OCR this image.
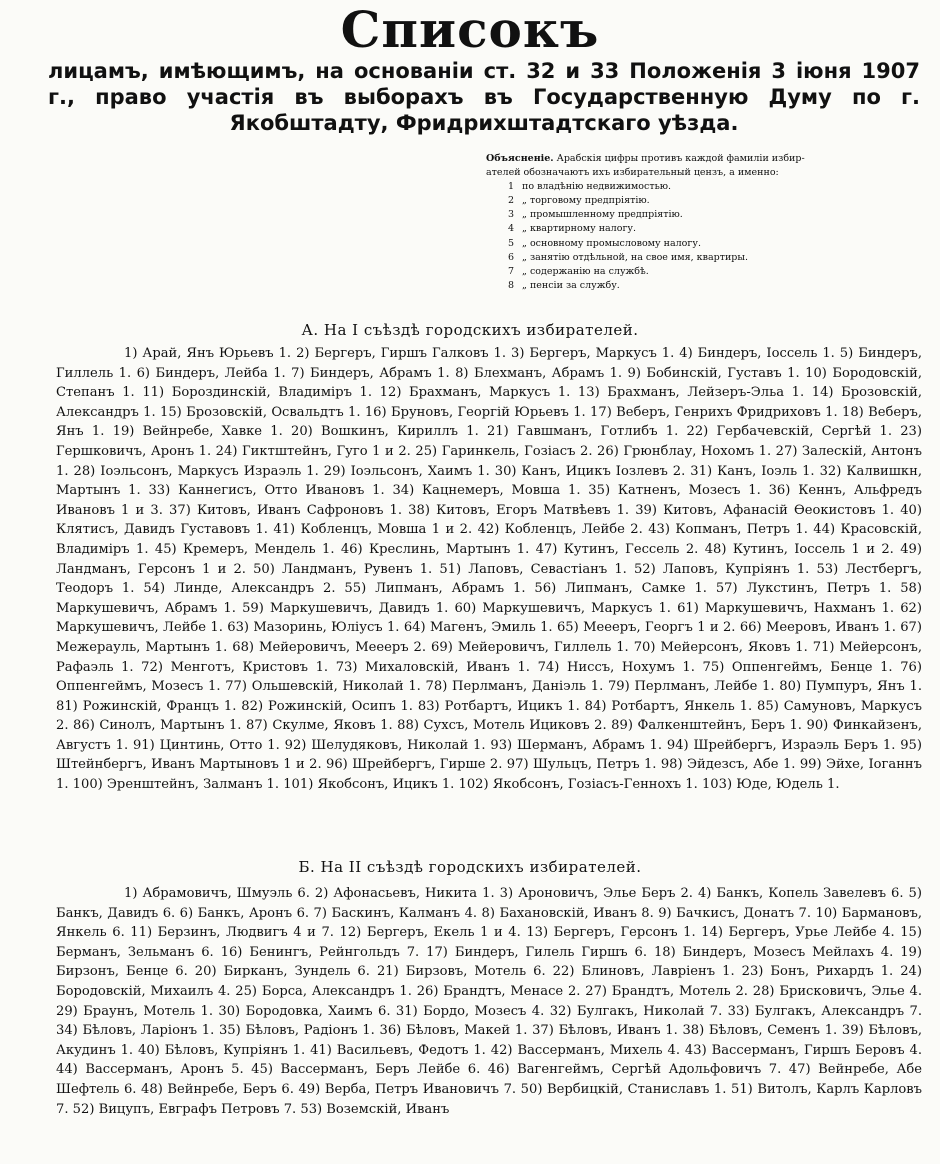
Списокъ
лицамъ, имѣющимъ, на основаніи ст. 32 и 33 Положенія 3 іюня 1907 г., право участія въ выборахъ въ Государственную Думу по г. Якобштадту, Фридрихштадтскаго уѣзда.
Объясненіе. Арабскія цифры противъ каждой фамиліи избир-
ателей обозначаютъ ихъ избирательный цензъ, а именно:
1 по владѣнію недвижимостью.
2 „ торговому предпріятію.
3 „ промышленному предпріятію.
4 „ квартирному налогу.
5 „ основному промысловому налогу.
6 „ занятію отдѣльной, на свое имя, квартиры.
7 „ содержанію на службѣ.
8 „ пенсіи за службу.
А. На I съѣздѣ городскихъ избирателей.
1) Арай, Янъ Юрьевъ 1. 2) Бергеръ, Гиршъ Галковъ 1. 3) Бергеръ, Маркусъ 1. 4) Биндеръ, Іоссель 1. 5) Биндеръ, Гиллель 1. 6) Биндеръ, Лейба 1. 7) Биндеръ, Абрамъ 1. 8) Блехманъ, Абрамъ 1. 9) Бобинскій, Густавъ 1. 10) Бородовскій, Степанъ 1. 11) Бороздинскій, Владиміръ 1. 12) Брахманъ, Маркусъ 1. 13) Брахманъ, Лейзеръ-Эльа 1. 14) Брозовскій, Александръ 1. 15) Брозовскій, Освальдтъ 1. 16) Бруновъ, Георгій Юрьевъ 1. 17) Веберъ, Генрихъ Фридриховъ 1. 18) Веберъ, Янъ 1. 19) Вейнребе, Хавке 1. 20) Вошкинъ, Кириллъ 1. 21) Гавшманъ, Готлибъ 1. 22) Гербачевскій, Сергѣй 1. 23) Гершковичъ, Аронъ 1. 24) Гиктштейнъ, Гуго 1 и 2. 25) Гаринкель, Гозіасъ 2. 26) Грюнблау, Нохомъ 1. 27) Залескій, Антонъ 1. 28) Іоэльсонъ, Маркусъ Израэль 1. 29) Іоэльсонъ, Хаимъ 1. 30) Канъ, Ицикъ Іозлевъ 2. 31) Канъ, Іоэль 1. 32) Калвишкн, Мартынъ 1. 33) Каннегисъ, Отто Ивановъ 1. 34) Кацнемеръ, Мовша 1. 35) Катненъ, Мозесъ 1. 36) Кеннъ, Альфредъ Ивановъ 1 и 3. 37) Китовъ, Иванъ Сафроновъ 1. 38) Китовъ, Егоръ Матвѣевъ 1. 39) Китовъ, Афанасій Ѳеокистовъ 1. 40) Клятисъ, Давидъ Густавовъ 1. 41) Кобленцъ, Мовша 1 и 2. 42) Кобленцъ, Лейбе 2. 43) Копманъ, Петръ 1. 44) Красовскій, Владиміръ 1. 45) Кремеръ, Мендель 1. 46) Креслинь, Мартынъ 1. 47) Кутинъ, Гессель 2. 48) Кутинъ, Іоссель 1 и 2. 49) Ландманъ, Герсонъ 1 и 2. 50) Ландманъ, Рувенъ 1. 51) Лаповъ, Севастіанъ 1. 52) Лаповъ, Купріянъ 1. 53) Лестбергъ, Теодоръ 1. 54) Линде, Александръ 2. 55) Липманъ, Абрамъ 1. 56) Липманъ, Самке 1. 57) Лукстинъ, Петръ 1. 58) Маркушевичъ, Абрамъ 1. 59) Маркушевичъ, Давидъ 1. 60) Маркушевичъ, Маркусъ 1. 61) Маркушевичъ, Нахманъ 1. 62) Маркушевичъ, Лейбе 1. 63) Мазоринь, Юліусъ 1. 64) Магенъ, Эмиль 1. 65) Меееръ, Георгъ 1 и 2. 66) Мееровъ, Иванъ 1. 67) Межерауль, Мартынъ 1. 68) Мейеровичъ, Меееръ 2. 69) Мейеровичъ, Гиллель 1. 70) Мейерсонъ, Яковъ 1. 71) Мейерсонъ, Рафаэль 1. 72) Менготъ, Кристовъ 1. 73) Михаловскій, Иванъ 1. 74) Ниссъ, Нохумъ 1. 75) Оппенгеймъ, Бенце 1. 76) Оппенгеймъ, Мозесъ 1. 77) Ольшевскій, Николай 1. 78) Перлманъ, Даніэль 1. 79) Перлманъ, Лейбе 1. 80) Пумпуръ, Янъ 1. 81) Рожинскій, Францъ 1. 82) Рожинскій, Осипъ 1. 83) Ротбартъ, Ицикъ 1. 84) Ротбартъ, Янкель 1. 85) Самуновъ, Маркусъ 2. 86) Синолъ, Мартынъ 1. 87) Скулме, Яковъ 1. 88) Сухсъ, Мотель Ициковъ 2. 89) Фалкенштейнъ, Беръ 1. 90) Финкайзенъ, Августъ 1. 91) Цинтинь, Отто 1. 92) Шелудяковъ, Николай 1. 93) Шерманъ, Абрамъ 1. 94) Шрейбергъ, Израэль Беръ 1. 95) Штейнбергъ, Иванъ Мартыновъ 1 и 2. 96) Шрейбергъ, Гирше 2. 97) Шульцъ, Петръ 1. 98) Эйдезсъ, Абе 1. 99) Эйхе, Іоганнъ 1. 100) Эренштейнъ, Залманъ 1. 101) Якобсонъ, Ицикъ 1. 102) Якобсонъ, Гозіасъ-Геннохъ 1. 103) Юде, Юдель 1.
Б. На II съѣздѣ городскихъ избирателей.
1) Абрамовичъ, Шмуэль 6. 2) Афонасьевъ, Никита 1. 3) Ароновичъ, Элье Беръ 2. 4) Банкъ, Копель Завелевъ 6. 5) Банкъ, Давидъ 6. 6) Банкъ, Аронъ 6. 7) Баскинъ, Калманъ 4. 8) Бахановскій, Иванъ 8. 9) Бачкисъ, Донатъ 7. 10) Бармановъ, Янкель 6. 11) Берзинъ, Людвигъ 4 и 7. 12) Бергеръ, Екель 1 и 4. 13) Бергеръ, Герсонъ 1. 14) Бергеръ, Урье Лейбе 4. 15) Берманъ, Зельманъ 6. 16) Бенингъ, Рейнгольдъ 7. 17) Биндеръ, Гилель Гиршъ 6. 18) Биндеръ, Мозесъ Мейлахъ 4. 19) Бирзонъ, Бенце 6. 20) Бирканъ, Зундель 6. 21) Бирзовъ, Мотель 6. 22) Блиновъ, Лавріенъ 1. 23) Бонъ, Рихардъ 1. 24) Бородовскій, Михаилъ 4. 25) Борса, Александръ 1. 26) Брандтъ, Менасе 2. 27) Брандтъ, Мотель 2. 28) Брисковичъ, Элье 4. 29) Браунъ, Мотель 1. 30) Бородовка, Хаимъ 6. 31) Бордо, Мозесъ 4. 32) Булгакъ, Николай 7. 33) Булгакъ, Александръ 7. 34) Бѣловъ, Ларіонъ 1. 35) Бѣловъ, Радіонъ 1. 36) Бѣловъ, Макей 1. 37) Бѣловъ, Иванъ 1. 38) Бѣловъ, Семенъ 1. 39) Бѣловъ, Акудинъ 1. 40) Бѣловъ, Купріянъ 1. 41) Васильевъ, Федотъ 1. 42) Вассерманъ, Михель 4. 43) Вассерманъ, Гиршъ Беровъ 4. 44) Вассерманъ, Аронъ 5. 45) Вассерманъ, Беръ Лейбе 6. 46) Вагенгеймъ, Сергѣй Адольфовичъ 7. 47) Вейнребе, Абе Шефтель 6. 48) Вейнребе, Беръ 6. 49) Верба, Петръ Ивановичъ 7. 50) Вербицкій, Станиславъ 1. 51) Витолъ, Карлъ Карловъ 7. 52) Вицупъ, Евграфъ Петровъ 7. 53) Воземскій, Иванъ
